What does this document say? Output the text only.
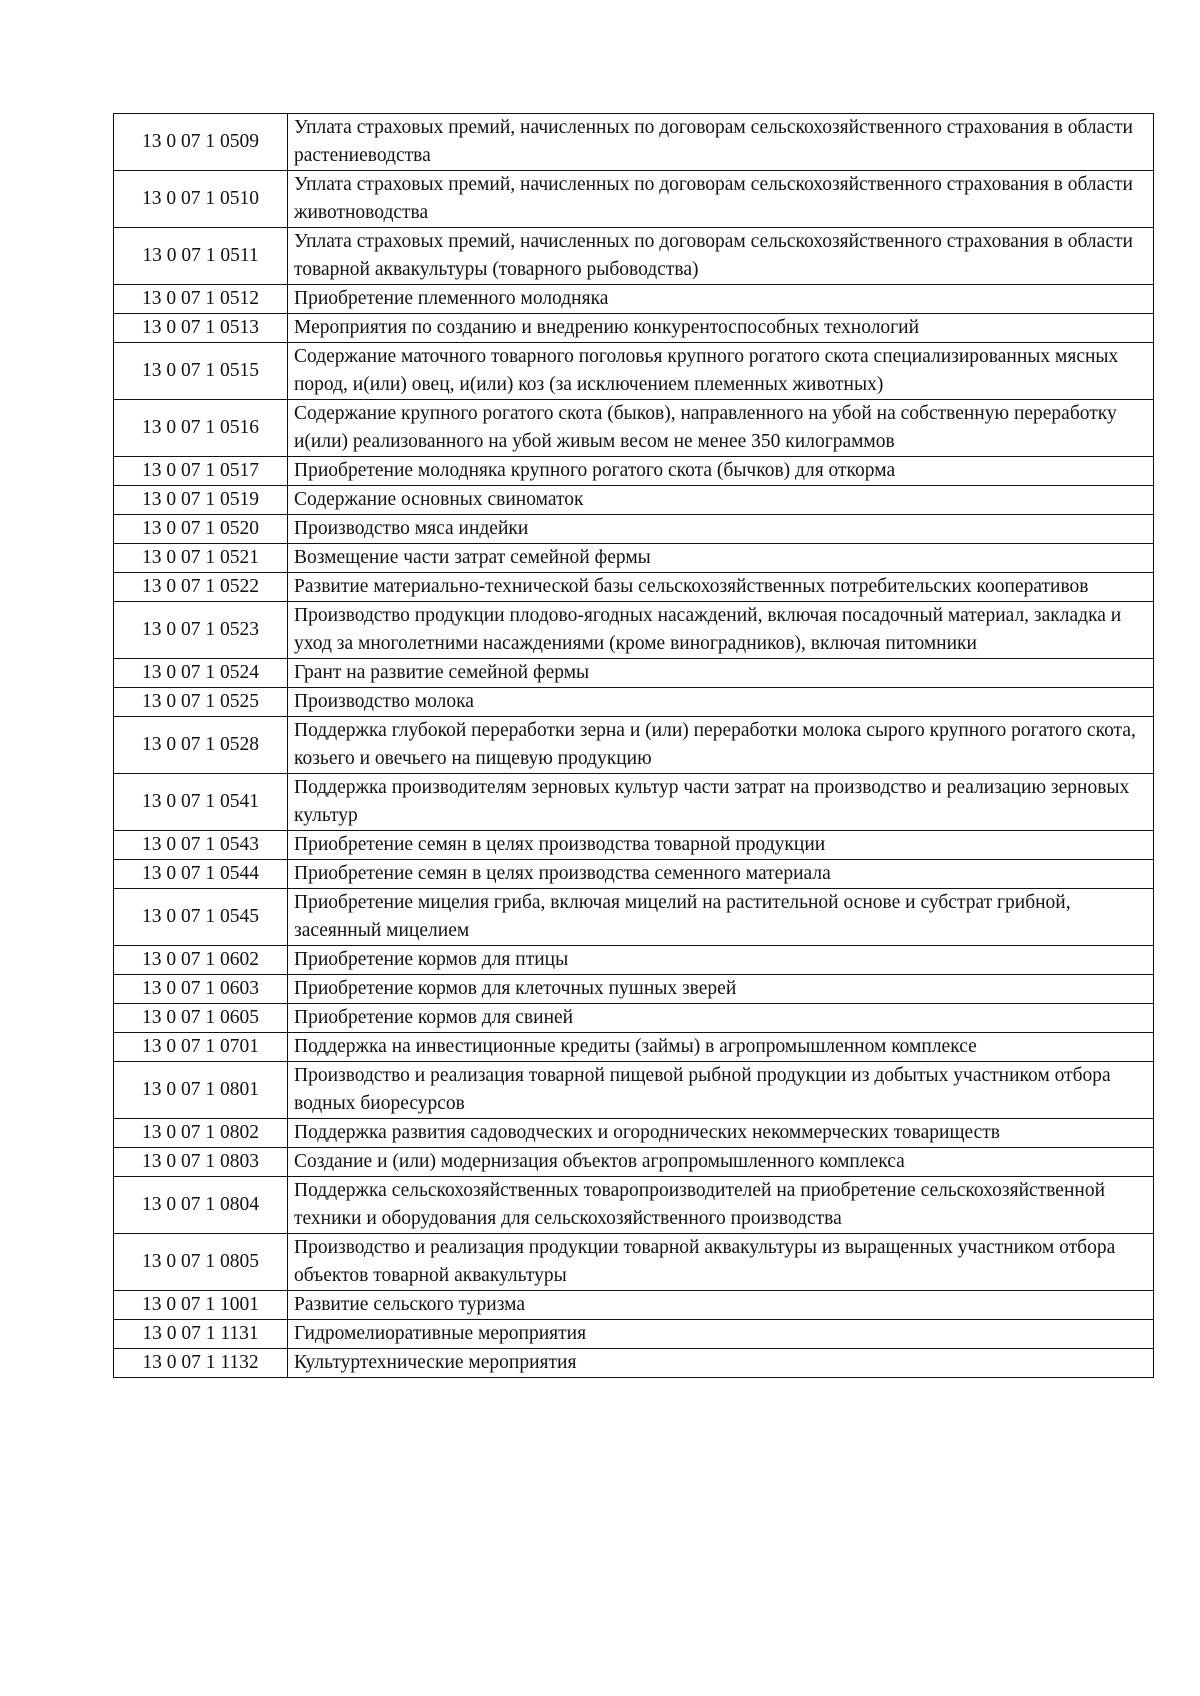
13 0 07 1 0509	Уплата страховых премий, начисленных по договорам сельскохозяйственного страхования в области растениеводства
13 0 07 1 0510	Уплата страховых премий, начисленных по договорам сельскохозяйственного страхования в области животноводства
13 0 07 1 0511	Уплата страховых премий, начисленных по договорам сельскохозяйственного страхования в области товарной аквакультуры (товарного рыбоводства)
13 0 07 1 0512	Приобретение племенного молодняка
13 0 07 1 0513	Мероприятия по созданию и внедрению конкурентоспособных технологий
13 0 07 1 0515	Содержание маточного товарного поголовья крупного рогатого скота специализированных мясных пород, и(или) овец, и(или) коз (за исключением племенных животных)
13 0 07 1 0516	Содержание крупного рогатого скота (быков), направленного на убой на собственную переработку и(или) реализованного на убой живым весом не менее 350 килограммов
13 0 07 1 0517	Приобретение молодняка крупного рогатого скота (бычков) для откорма
13 0 07 1 0519	Содержание основных свиноматок
13 0 07 1 0520	Производство мяса индейки
13 0 07 1 0521	Возмещение части затрат семейной фермы
13 0 07 1 0522	Развитие материально-технической базы сельскохозяйственных потребительских кооперативов
13 0 07 1 0523	Производство продукции плодово-ягодных насаждений, включая посадочный материал, закладка и уход за многолетними насаждениями (кроме виноградников), включая питомники
13 0 07 1 0524	Грант на развитие семейной фермы
13 0 07 1 0525	Производство молока
13 0 07 1 0528	Поддержка глубокой переработки зерна и (или) переработки молока сырого крупного рогатого скота, козьего и овечьего на пищевую продукцию
13 0 07 1 0541	Поддержка производителям зерновых культур части затрат на производство и реализацию зерновых культур
13 0 07 1 0543	Приобретение семян в целях производства товарной продукции
13 0 07 1 0544	Приобретение семян в целях производства семенного материала
13 0 07 1 0545	Приобретение мицелия гриба, включая мицелий на растительной основе и субстрат грибной, засеянный мицелием
13 0 07 1 0602	Приобретение кормов для птицы
13 0 07 1 0603	Приобретение кормов для клеточных пушных зверей
13 0 07 1 0605	Приобретение кормов для свиней
13 0 07 1 0701	Поддержка на инвестиционные кредиты (займы) в агропромышленном комплексе
13 0 07 1 0801	Производство и реализация товарной пищевой рыбной продукции из добытых участником отбора водных биоресурсов
13 0 07 1 0802	Поддержка развития садоводческих и огороднических некоммерческих товариществ
13 0 07 1 0803	Создание и (или) модернизация объектов агропромышленного комплекса
13 0 07 1 0804	Поддержка сельскохозяйственных товаропроизводителей на приобретение сельскохозяйственной техники и оборудования для сельскохозяйственного производства
13 0 07 1 0805	Производство и реализация продукции товарной аквакультуры из выращенных участником отбора объектов товарной аквакультуры
13 0 07 1 1001	Развитие сельского туризма
13 0 07 1 1131	Гидромелиоративные мероприятия
13 0 07 1 1132	Культуртехнические мероприятия
